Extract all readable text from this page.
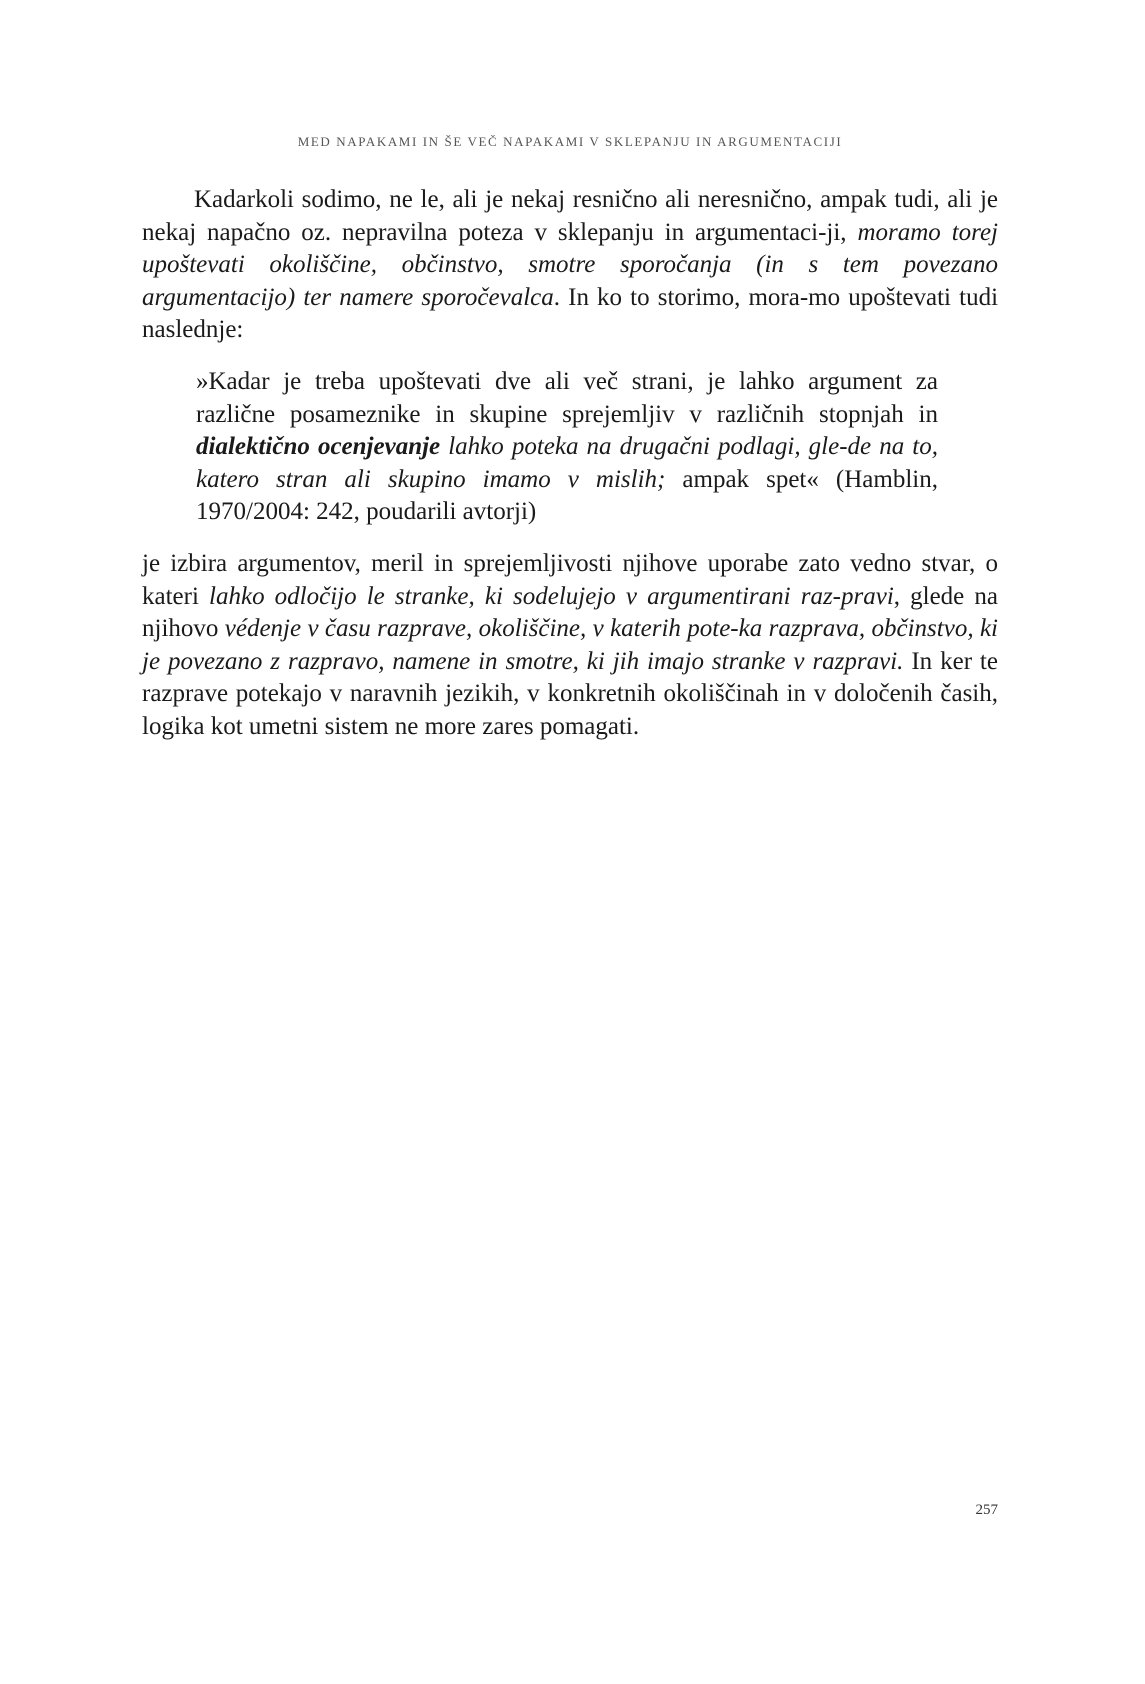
MED NAPAKAMI IN ŠE VEČ NAPAKAMI V SKLEPANJU IN ARGUMENTACIJI
Kadarkoli sodimo, ne le, ali je nekaj resnično ali neresnično, ampak tudi, ali je nekaj napačno oz. nepravilna poteza v sklepanju in argumentaci-ji, moramo torej upoštevati okoliščine, občinstvo, smotre sporočanja (in s tem povezano argumentacijo) ter namere sporočevalca. In ko to storimo, mora-mo upoštevati tudi naslednje:
»Kadar je treba upoštevati dve ali več strani, je lahko argument za različne posameznike in skupine sprejemljiv v različnih stopnjah in dialektično ocenjevanje lahko poteka na drugačni podlagi, gle-de na to, katero stran ali skupino imamo v mislih; ampak spet« (Hamblin, 1970/2004: 242, poudarili avtorji)
je izbira argumentov, meril in sprejemljivosti njihove uporabe zato vedno stvar, o kateri lahko odločijo le stranke, ki sodelujejo v argumentirani raz-pravi, glede na njihovo védenje v času razprave, okoliščine, v katerih pote-ka razprava, občinstvo, ki je povezano z razpravo, namene in smotre, ki jih imajo stranke v razpravi. In ker te razprave potekajo v naravnih jezikih, v konkretnih okoliščinah in v določenih časih, logika kot umetni sistem ne more zares pomagati.
257
